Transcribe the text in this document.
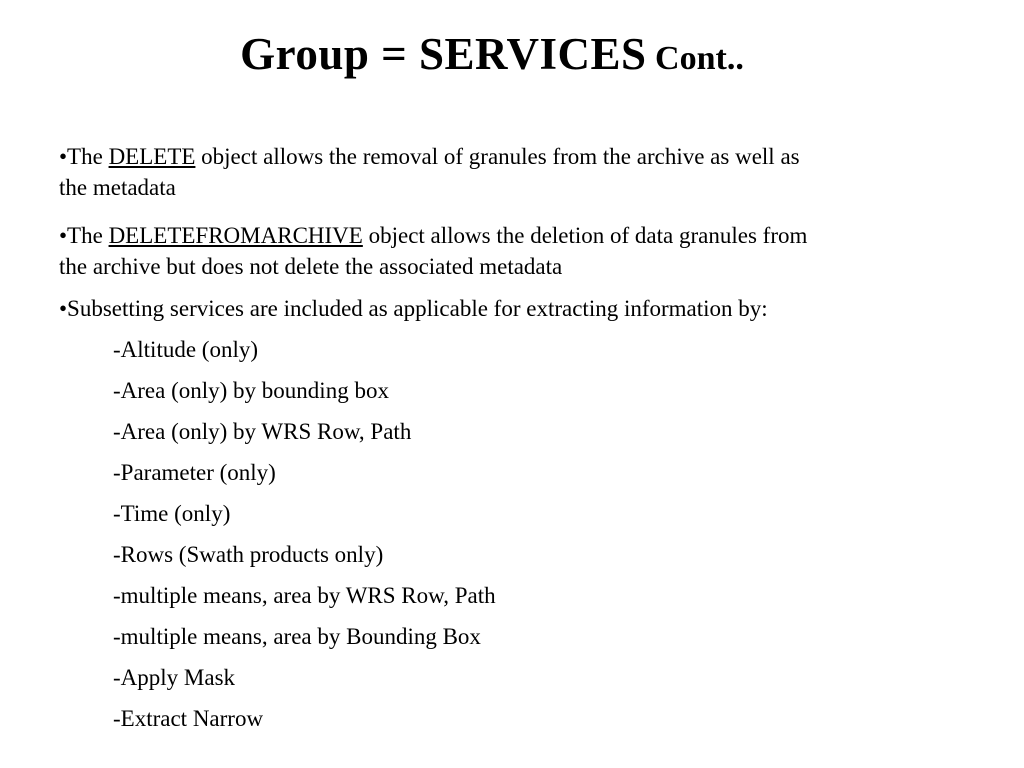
Group = SERVICES Cont..
•The DELETE object allows the removal of granules from the archive as well as
the metadata
•The DELETEFROMARCHIVE object allows the deletion of data granules from
the archive but does not delete the associated metadata
•Subsetting services are included as applicable for extracting information by:
-Altitude (only)
-Area (only) by bounding box
-Area (only) by WRS Row, Path
-Parameter (only)
-Time (only)
-Rows (Swath products only)
-multiple means, area by WRS Row, Path
-multiple means, area by Bounding Box
-Apply Mask
-Extract Narrow
